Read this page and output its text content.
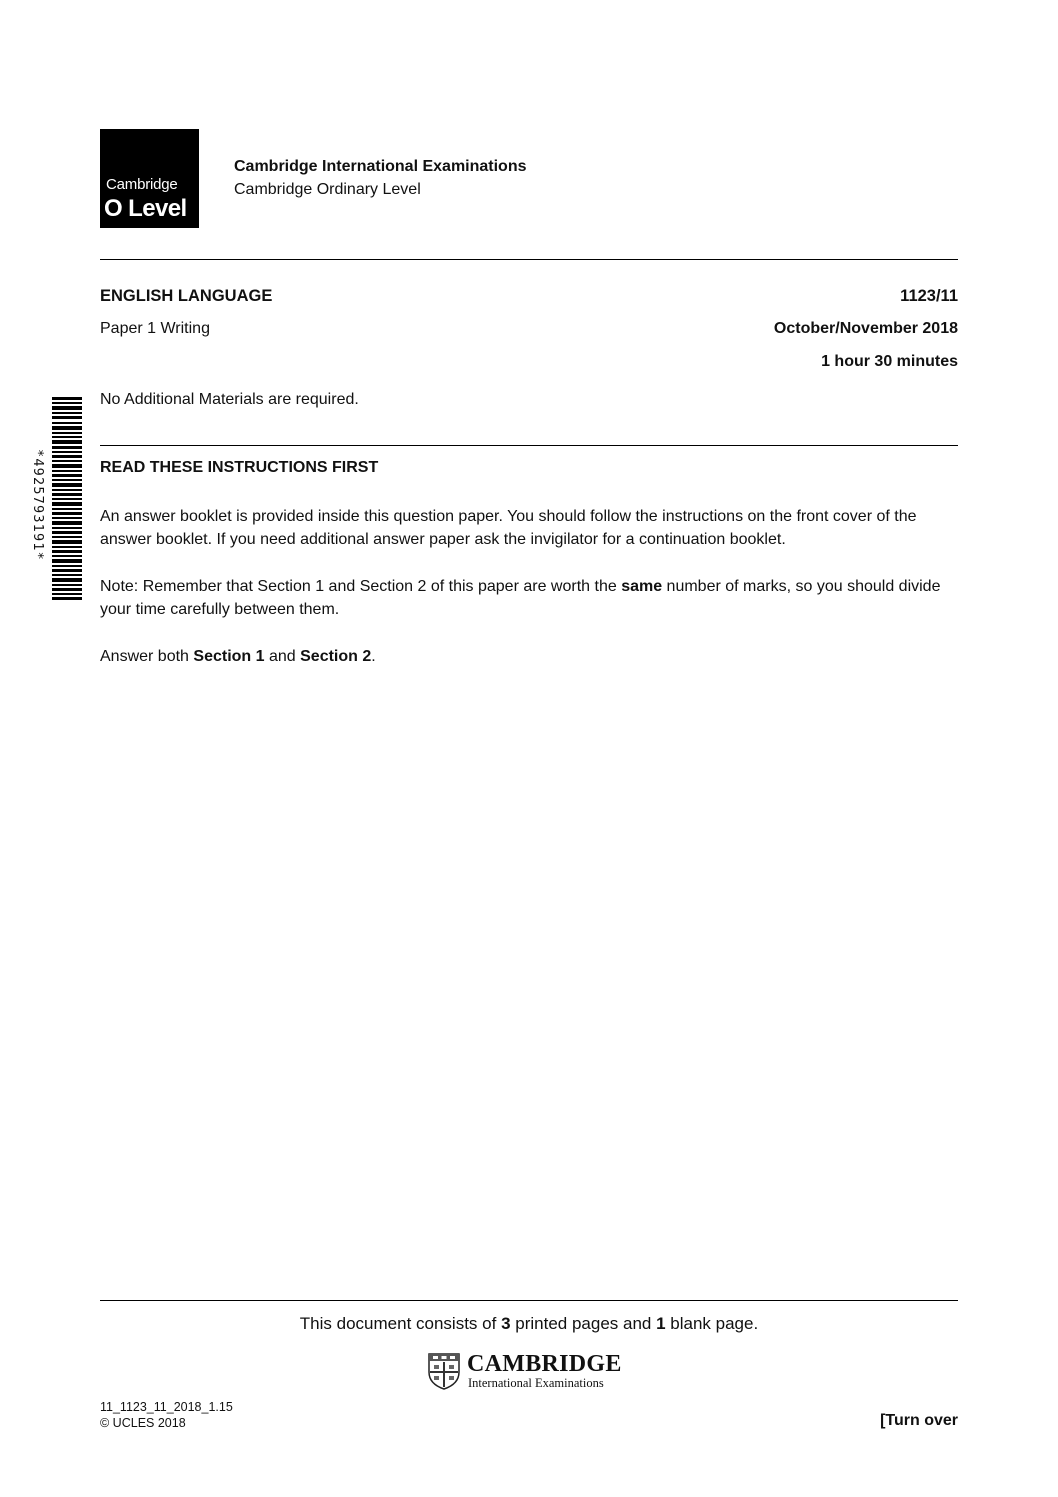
Cambridge
O Level
Cambridge International Examinations
Cambridge Ordinary Level
ENGLISH LANGUAGE	1123/11
Paper 1 Writing	October/November 2018
1 hour 30 minutes
No Additional Materials are required.
*4925793191*	READ THESE INSTRUCTIONS FIRST
An answer booklet is provided inside this question paper. You should follow the instructions on the front cover of the answer booklet. If you need additional answer paper ask the invigilator for a continuation booklet.
Note: Remember that Section 1 and Section 2 of this paper are worth the same number of marks, so you should divide your time carefully between them.
Answer both Section 1 and Section 2.
This document consists of 3 printed pages and 1 blank page.
CAMBRIDGE
International Examinations
11_1123_11_2018_1.15
© UCLES 2018	[Turn over
